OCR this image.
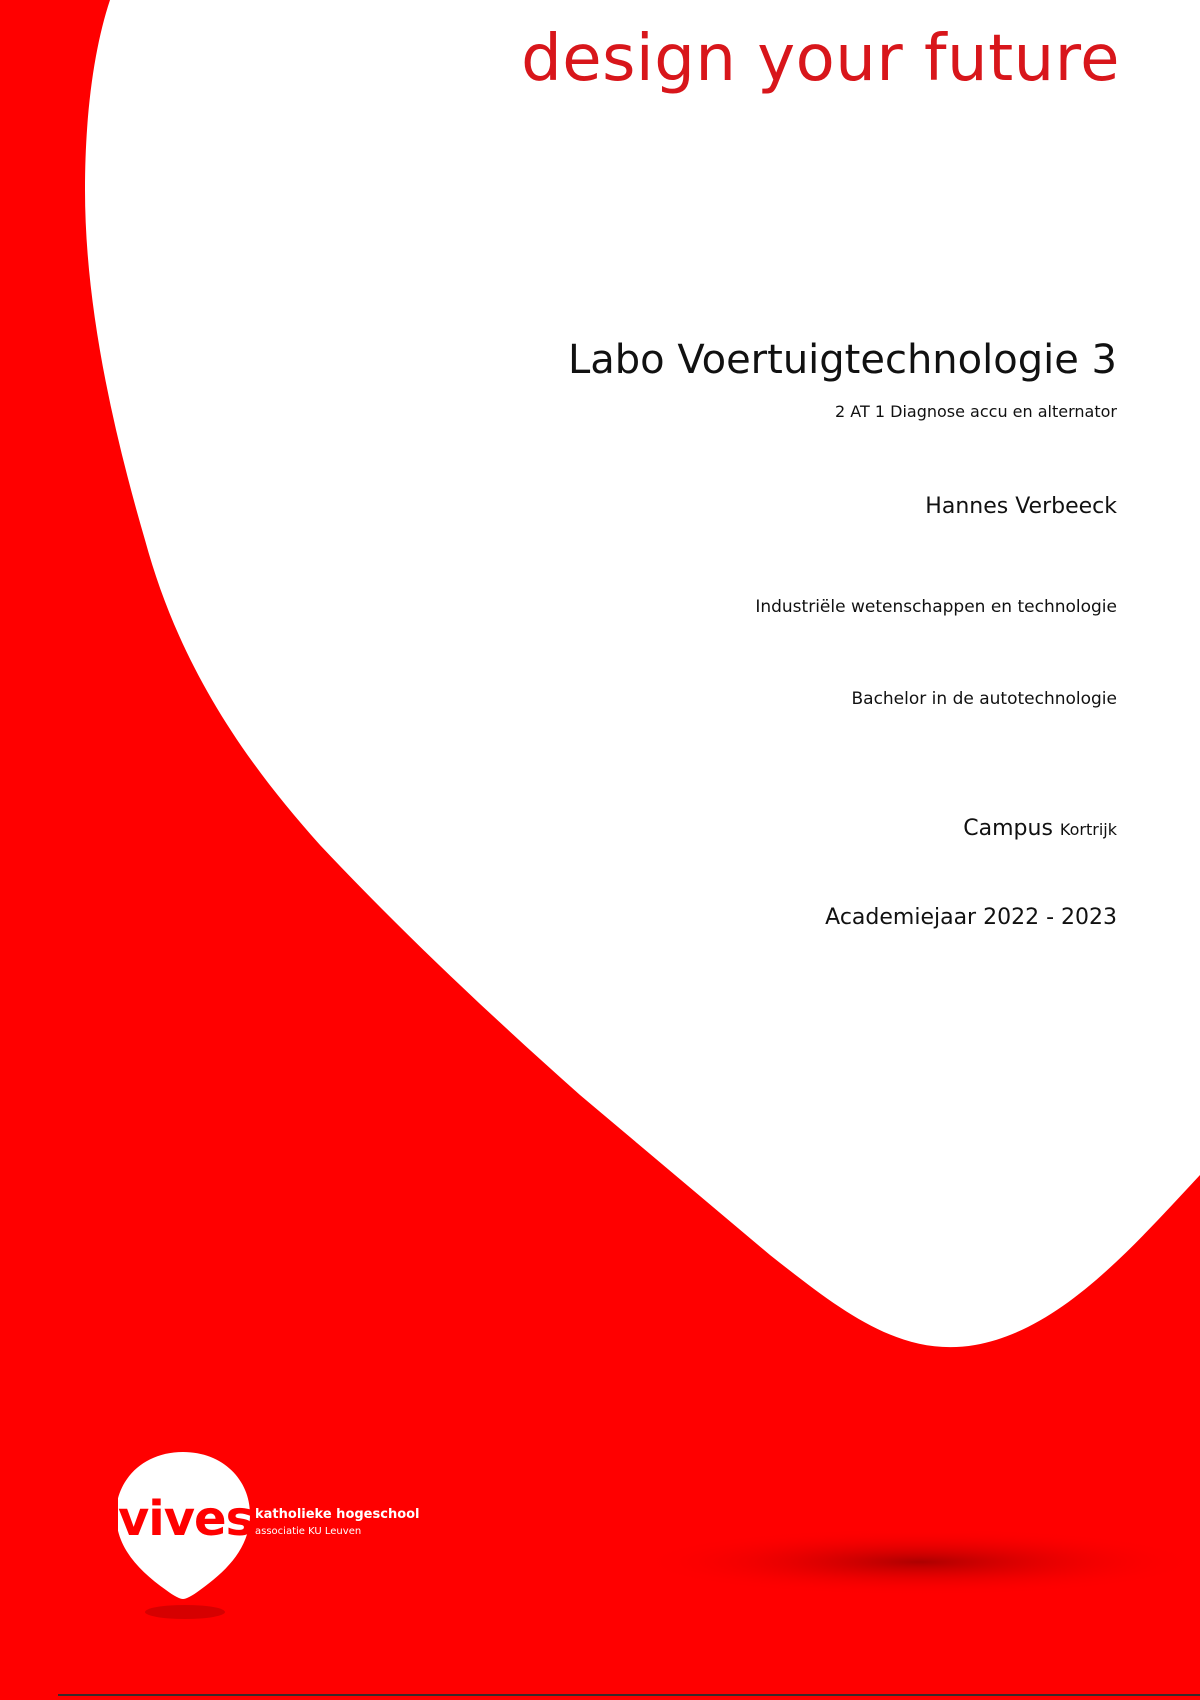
design your future
Labo Voertuigtechnologie 3
2 AT 1 Diagnose accu en alternator
Hannes Verbeeck
Industriële wetenschappen en technologie
Bachelor in de autotechnologie
Campus Kortrijk
Academiejaar 2022 - 2023
vives katholieke hogeschool
associatie KU Leuven
